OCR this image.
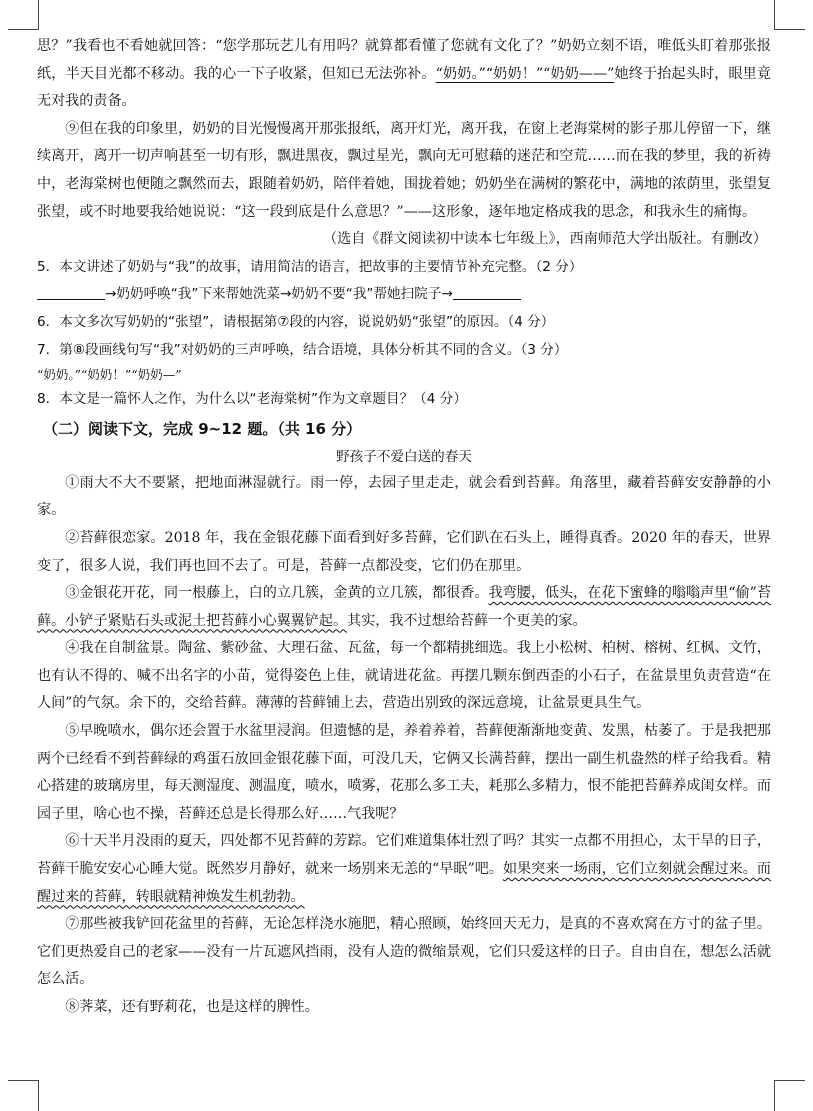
思？”我看也不看她就回答：“您学那玩艺儿有用吗？就算都看懂了您就有文化了？”奶奶立刻不语，唯低头盯着那张报纸，半天目光都不移动。我的心一下子收紧，但知已无法弥补。“奶奶。”“奶奶！”“奶奶——”她终于抬起头时，眼里竟无对我的责备。

⑨但在我的印象里，奶奶的目光慢慢离开那张报纸，离开灯光，离开我，在窗上老海棠树的影子那儿停留一下，继续离开，离开一切声响甚至一切有形，飘进黑夜，飘过星光，飘向无可慰藉的迷茫和空荒……而在我的梦里，我的祈祷中，老海棠树也便随之飘然而去，跟随着奶奶，陪伴着她，围拢着她；奶奶坐在满树的繁花中，满地的浓荫里，张望复张望，或不时地要我给她说说：“这一段到底是什么意思？”——这形象，逐年地定格成我的思念，和我永生的痛悔。

（选自《群文阅读初中读本七年级上》，西南师范大学出版社。有删改）

5．本文讲述了奶奶与“我”的故事，请用简洁的语言，把故事的主要情节补充完整。（2 分）

→奶奶呼唤“我”下来帮她洗菜→奶奶不要“我”帮她扫院子→

6．本文多次写奶奶的“张望”，请根据第⑦段的内容，说说奶奶“张望”的原因。（4 分）

7．第⑧段画线句写“我”对奶奶的三声呼唤，结合语境，具体分析其不同的含义。（3 分）

“奶奶。”“奶奶！”“奶奶—”

8．本文是一篇怀人之作，为什么以“老海棠树”作为文章题目？（4 分）

（二）阅读下文，完成 9~12 题。（共 16 分）

野孩子不爱白送的春天

①雨大不大不要紧，把地面淋湿就行。雨一停，去园子里走走，就会看到苔藓。角落里，藏着苔藓安安静静的小家。

②苔藓很恋家。2018 年，我在金银花藤下面看到好多苔藓，它们趴在石头上，睡得真香。2020 年的春天，世界变了，很多人说，我们再也回不去了。可是，苔藓一点都没变，它们仍在那里。

③金银花开花，同一根藤上，白的立几簇，金黄的立几簇，都很香。我弯腰，低头，在花下蜜蜂的嗡嗡声里“偷”苔藓。小铲子紧贴石头或泥土把苔藓小心翼翼铲起。其实，我不过想给苔藓一个更美的家。

④我在自制盆景。陶盆、紫砂盆、大理石盆、瓦盆，每一个都精挑细选。我上小松树、柏树、榕树、红枫、文竹，也有认不得的、喊不出名字的小苗，觉得姿色上佳，就请进花盆。再摆几颗东倒西歪的小石子，在盆景里负责营造“在人间”的气氛。余下的，交给苔藓。薄薄的苔藓铺上去，营造出别致的深远意境，让盆景更具生气。

⑤早晚喷水，偶尔还会置于水盆里浸润。但遗憾的是，养着养着，苔藓便渐渐地变黄、发黑，枯萎了。于是我把那两个已经看不到苔藓绿的鸡蛋石放回金银花藤下面，可没几天，它俩又长满苔藓，摆出一副生机盎然的样子给我看。精心搭建的玻璃房里，每天测湿度、测温度，喷水，喷雾，花那么多工夫，耗那么多精力，恨不能把苔藓养成闺女样。而园子里，啥心也不操，苔藓还总是长得那么好……气我呢？

⑥十天半月没雨的夏天，四处都不见苔藓的芳踪。它们难道集体壮烈了吗？其实一点都不用担心，太干旱的日子，苔藓干脆安安心心睡大觉。既然岁月静好，就来一场别来无恙的“早眠”吧。如果突来一场雨，它们立刻就会醒过来。而醒过来的苔藓，转眼就精神焕发生机勃勃。

⑦那些被我铲回花盆里的苔藓，无论怎样浇水施肥，精心照顾，始终回天无力，是真的不喜欢窝在方寸的盆子里。它们更热爱自己的老家——没有一片瓦遮风挡雨，没有人造的微缩景观，它们只爱这样的日子。自由自在，想怎么活就怎么活。

⑧荠菜，还有野莉花，也是这样的脾性。
